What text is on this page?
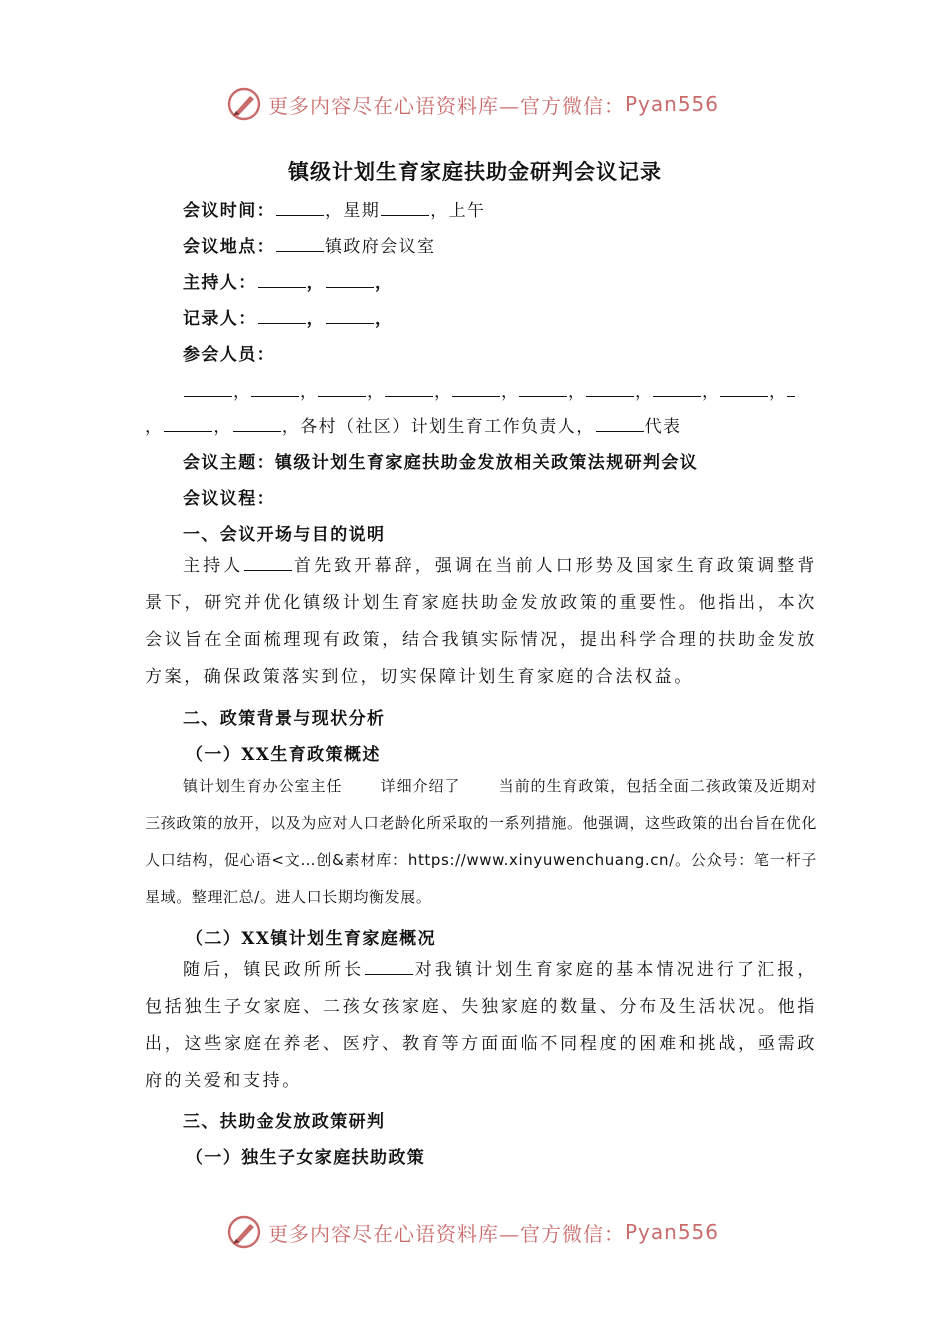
更多内容尽在心语资料库—官方微信： Pyan556
镇级计划生育家庭扶助金研判会议记录
会议时间：	，星期	，上午
会议地点：	镇政府会议室
主持人：	，	，
记录人：	，	，
参会人员：
，	，	，	，	，	，	，	，	，
，	，	，各村（社区）计划生育工作负责人，	代表
会议主题：镇级计划生育家庭扶助金发放相关政策法规研判会议
会议议程：
一、会议开场与目的说明
主持人	首先致开幕辞，强调在当前人口形势及国家生育政策调整背景下，研究并优化镇级计划生育家庭扶助金发放政策的重要性。他指出，本次会议旨在全面梳理现有政策，结合我镇实际情况，提出科学合理的扶助金发放方案，确保政策落实到位，切实保障计划生育家庭的合法权益。
二、政策背景与现状分析
（一）XX生育政策概述
镇计划生育办公室主任	详细介绍了	当前的生育政策，包括全面二孩政策及近期对三孩政策的放开，以及为应对人口老龄化所采取的一系列措施。他强调，这些政策的出台旨在优化人口结构，促心语<文…创&素材库：https://www.xinyuwenchuang.cn/。公众号：笔一杆子星域。整理汇总/。进人口长期均衡发展。
（二）XX镇计划生育家庭概况
随后，镇民政所所长	对我镇计划生育家庭的基本情况进行了汇报，包括独生子女家庭、二孩女孩家庭、失独家庭的数量、分布及生活状况。他指出，这些家庭在养老、医疗、教育等方面面临不同程度的困难和挑战，亟需政府的关爱和支持。
三、扶助金发放政策研判
（一）独生子女家庭扶助政策
更多内容尽在心语资料库—官方微信： Pyan556
